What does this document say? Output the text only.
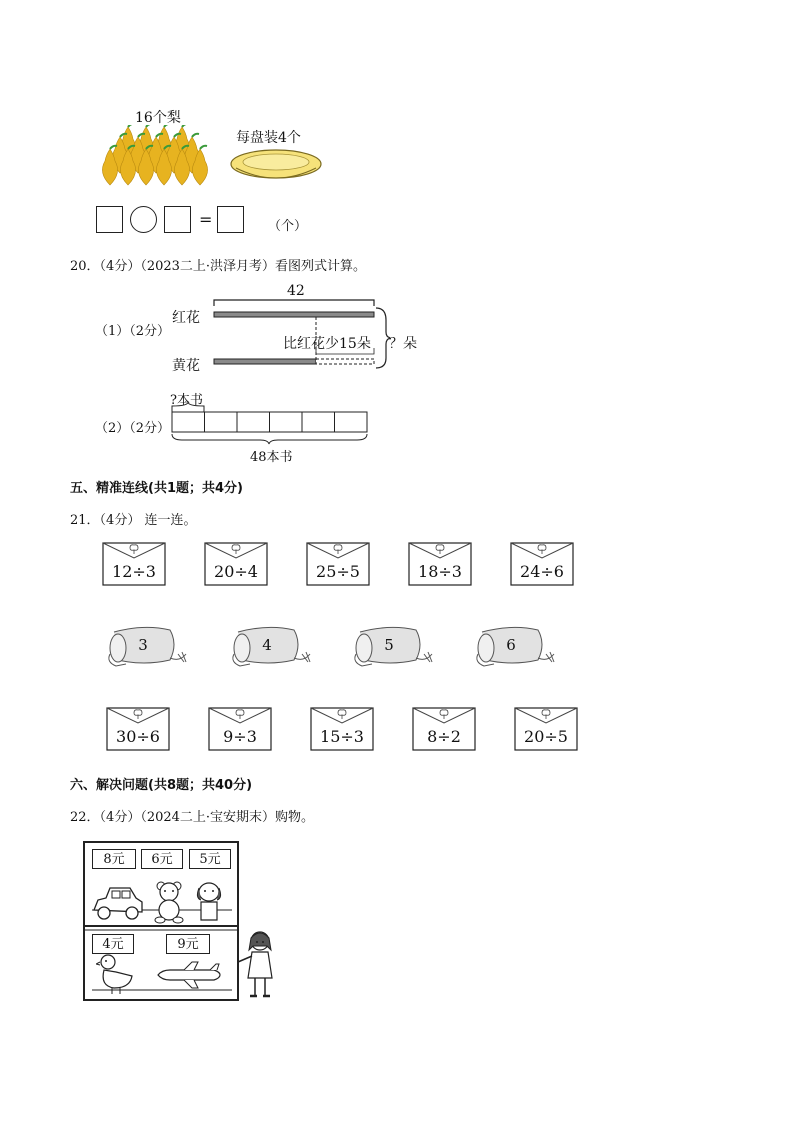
16个梨
每盘装4个
=	（个）
20．（4分）（2023二上·洪泽月考）看图列式计算。
（1）（2分）
红花
黄花
42
比红花少15朵 ？朵
（2）（2分）
?本书
48本书
五、精准连线(共1题；共4分)
21．（4分） 连一连。
12÷3	20÷4	25÷5	18÷3	24÷6
3	4	5	6
30÷6	9÷3	15÷3	8÷2	20÷5
六、解决问题(共8题；共40分)
22．（4分）（2024二上·宝安期末）购物。
8元	6元	5元
4元	9元
